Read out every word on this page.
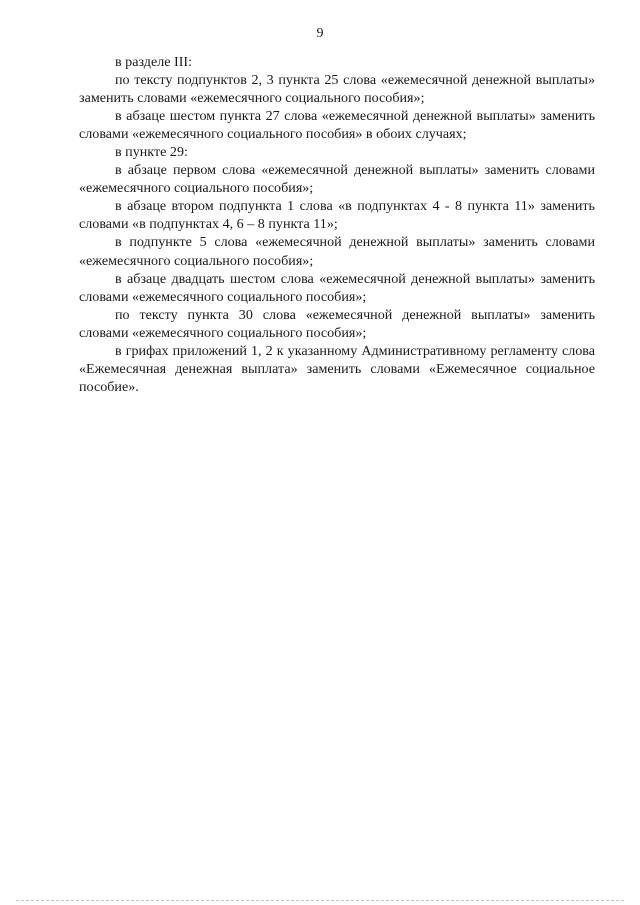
9

в разделе III:

по тексту подпунктов 2, 3 пункта 25 слова «ежемесячной денежной выплаты» заменить словами «ежемесячного социального пособия»;

в абзаце шестом пункта 27 слова «ежемесячной денежной выплаты» заменить словами «ежемесячного социального пособия» в обоих случаях;

в пункте 29:

в абзаце первом слова «ежемесячной денежной выплаты» заменить словами «ежемесячного социального пособия»;

в абзаце втором подпункта 1 слова «в подпунктах 4 - 8 пункта 11» заменить словами «в подпунктах 4, 6 – 8 пункта 11»;

в подпункте 5 слова «ежемесячной денежной выплаты» заменить словами «ежемесячного социального пособия»;

в абзаце двадцать шестом слова «ежемесячной денежной выплаты» заменить словами «ежемесячного социального пособия»;

по тексту пункта 30 слова «ежемесячной денежной выплаты» заменить словами «ежемесячного социального пособия»;

в грифах приложений 1, 2 к указанному Административному регламенту слова «Ежемесячная денежная выплата» заменить словами «Ежемесячное социальное пособие».
